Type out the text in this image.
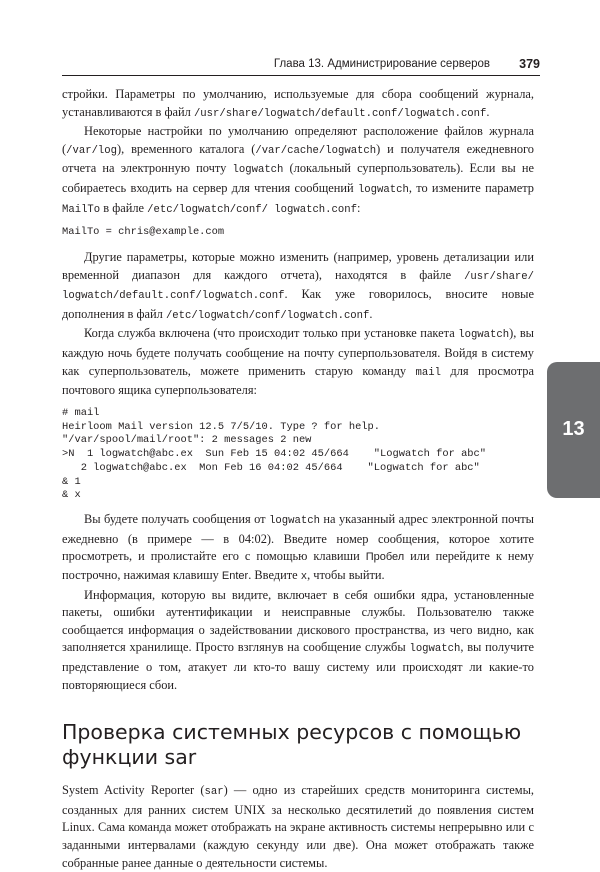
Глава 13. Администрирование серверов 379

стройки. Параметры по умолчанию, используемые для сбора сообщений журнала, устанавливаются в файл /usr/share/logwatch/default.conf/logwatch.conf.

Некоторые настройки по умолчанию определяют расположение файлов журнала (/var/log), временного каталога (/var/cache/logwatch) и получателя ежедневного отчета на электронную почту logwatch (локальный суперпользователь). Если вы не собираетесь входить на сервер для чтения сообщений logwatch, то измените параметр MailTo в файле /etc/logwatch/conf/ logwatch.conf:

MailTo = chris@example.com

Другие параметры, которые можно изменить (например, уровень детализации или временной диапазон для каждого отчета), находятся в файле /usr/share/ logwatch/default.conf/logwatch.conf. Как уже говорилось, вносите новые дополнения в файл /etc/logwatch/conf/logwatch.conf.

Когда служба включена (что происходит только при установке пакета logwatch), вы каждую ночь будете получать сообщение на почту суперпользователя. Войдя в систему как суперпользователь, можете применить старую команду mail для просмотра почтового ящика суперпользователя:

# mail
Heirloom Mail version 12.5 7/5/10. Type ? for help.
"/var/spool/mail/root": 2 messages 2 new
>N  1 logwatch@abc.ex  Sun Feb 15 04:02 45/664    "Logwatch for abc"
2 logwatch@abc.ex  Mon Feb 16 04:02 45/664    "Logwatch for abc"
& 1
& x

Вы будете получать сообщения от logwatch на указанный адрес электронной почты ежедневно (в примере — в 04:02). Введите номер сообщения, которое хотите просмотреть, и пролистайте его с помощью клавиши Пробел или перейдите к нему построчно, нажимая клавишу Enter. Введите x, чтобы выйти.

Информация, которую вы видите, включает в себя ошибки ядра, установленные пакеты, ошибки аутентификации и неисправные службы. Пользователю также сообщается информация о задействовании дискового пространства, из чего видно, как заполняется хранилище. Просто взглянув на сообщение службы logwatch, вы получите представление о том, атакует ли кто-то вашу систему или происходят ли какие-то повторяющиеся сбои.

Проверка системных ресурсов с помощью функции sar

System Activity Reporter (sar) — одно из старейших средств мониторинга системы, созданных для ранних систем UNIX за несколько десятилетий до появления систем Linux. Сама команда может отображать на экране активность системы непрерывно или с заданными интервалами (каждую секунду или две). Она может отображать также собранные ранее данные о деятельности системы.

13
